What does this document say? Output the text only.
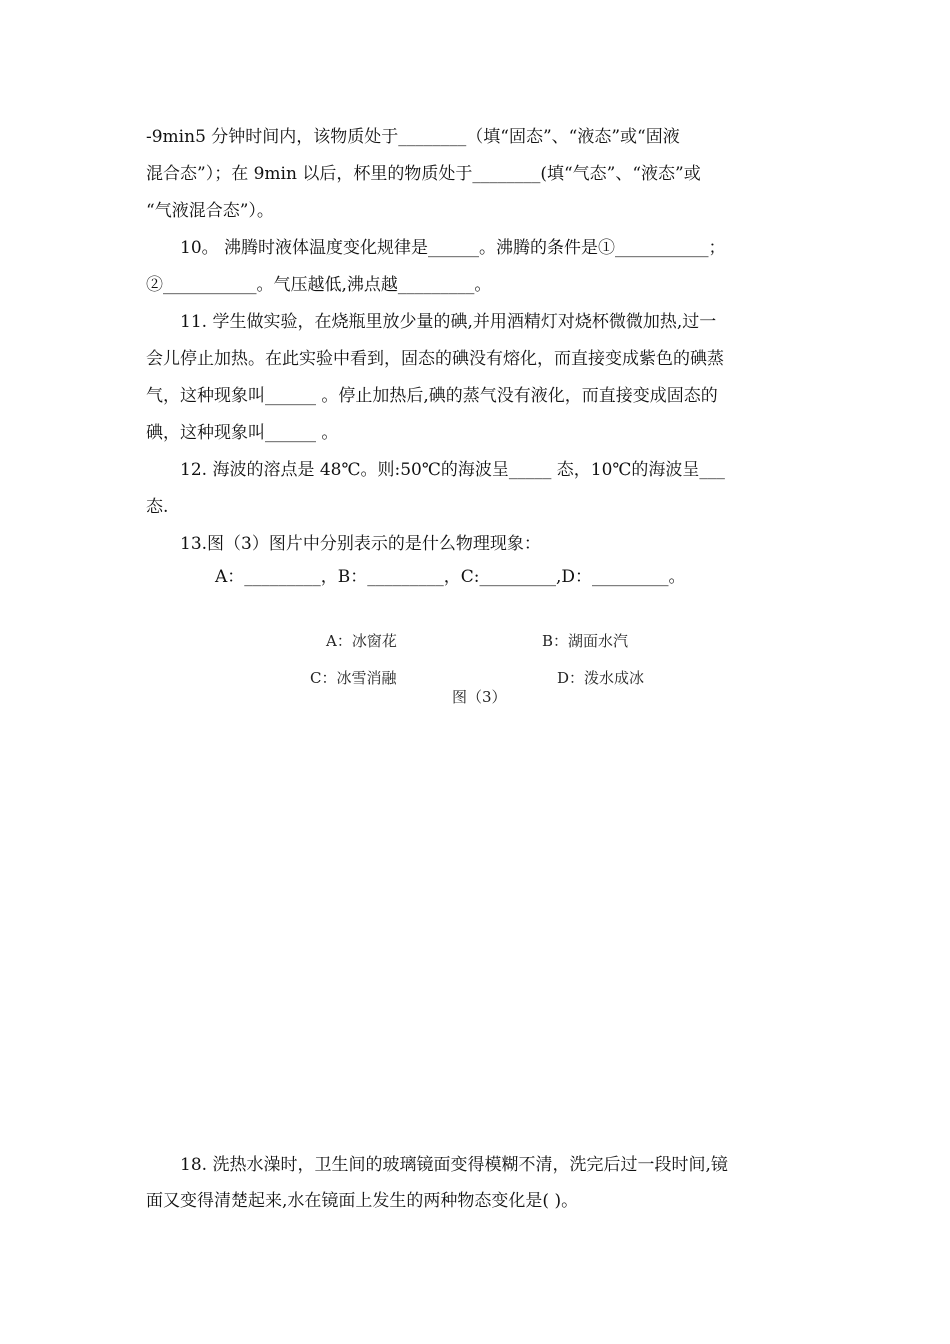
-9min5 分钟时间内，该物质处于________（填“固态”、“液态”或“固液
混合态”）；在 9min 以后，杯里的物质处于________(填“气态”、“液态”或
“气液混合态”）。
10。 沸腾时液体温度变化规律是______。沸腾的条件是①___________；
②___________。气压越低,沸点越_________。
11. 学生做实验，在烧瓶里放少量的碘,并用酒精灯对烧杯微微加热,过一
会儿停止加热。在此实验中看到，固态的碘没有熔化，而直接变成紫色的碘蒸
气，这种现象叫______ 。停止加热后,碘的蒸气没有液化，而直接变成固态的
碘，这种现象叫______ 。
12. 海波的溶点是 48℃。则:50℃的海波呈_____ 态，10℃的海波呈___
态.
13.图（3）图片中分别表示的是什么物理现象：
A：_________，B：_________，C:_________,D：_________。
A：冰窗花	B：湖面水汽
C：冰雪消融	D：泼水成冰
图（3）
18. 洗热水澡时，卫生间的玻璃镜面变得模糊不清，洗完后过一段时间,镜
面又变得清楚起来,水在镜面上发生的两种物态变化是( )。
